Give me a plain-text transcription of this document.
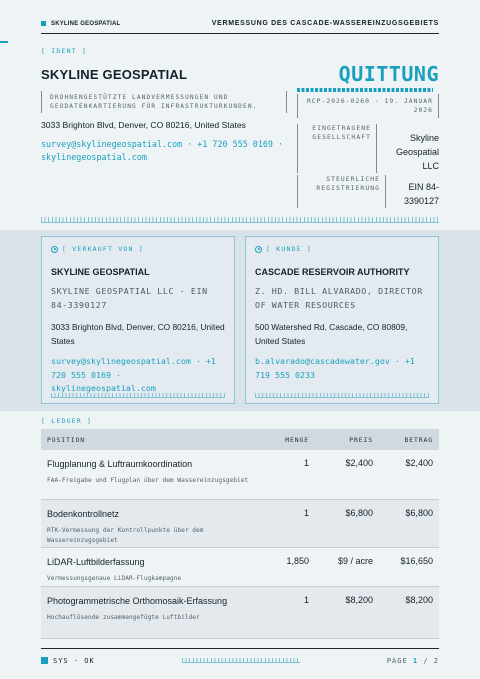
SKYLINE GEOSPATIAL	VERMESSUNG DES CASCADE-WASSEREINZUGSGEBIETS
[ IDENT ]
SKYLINE GEOSPATIAL
DROHNENGESTÜTZTE LANDVERMESSUNGEN UND GEODATENKARTIERUNG FÜR INFRASTRUKTURKUNDEN.
3033 Brighton Blvd, Denver, CO 80216, United States
survey@skylinegeospatial.com · +1 720 555 0169 · skylinegeospatial.com
QUITTUNG
RCP-2026-0260 · 19. JANUAR 2026
EINGETRAGENE GESELLSCHAFT	Skyline Geospatial LLC
STEUERLICHE REGISTRIERUNG	EIN 84-3390127
[ VERKAUFT VON ]
SKYLINE GEOSPATIAL
SKYLINE GEOSPATIAL LLC · EIN 84-3390127
3033 Brighton Blvd, Denver, CO 80216, United States
survey@skylinegeospatial.com · +1 720 555 0169 · skylinegeospatial.com
[ KUNDE ]
CASCADE RESERVOIR AUTHORITY
Z. HD. BILL ALVARADO, DIRECTOR OF WATER RESOURCES
500 Watershed Rd, Cascade, CO 80809, United States
b.alvarado@cascadewater.gov · +1 719 555 0233
[ LEDGER ]
POSITION	MENGE	PREIS	BETRAG

Flugplanung & Luftraumkoordination
FAA-Freigabe und Flugplan über dem Wassereinzugsgebiet	1	$2,400	$2,400

Bodenkontrollnetz
RTK-Vermessung der Kontrollpunkte über dem Wassereinzugsgebiet	1	$6,800	$6,800

LiDAR-Luftbilderfassung
Vermessungsgenaue LiDAR-Flugkampagne	1,850	$9 / acre	$16,650

Photogrammetrische Orthomosaik-Erfassung
Hochauflösende zusammengefügte Luftbilder	1	$8,200	$8,200
SYS · OK	PAGE 1 / 2
